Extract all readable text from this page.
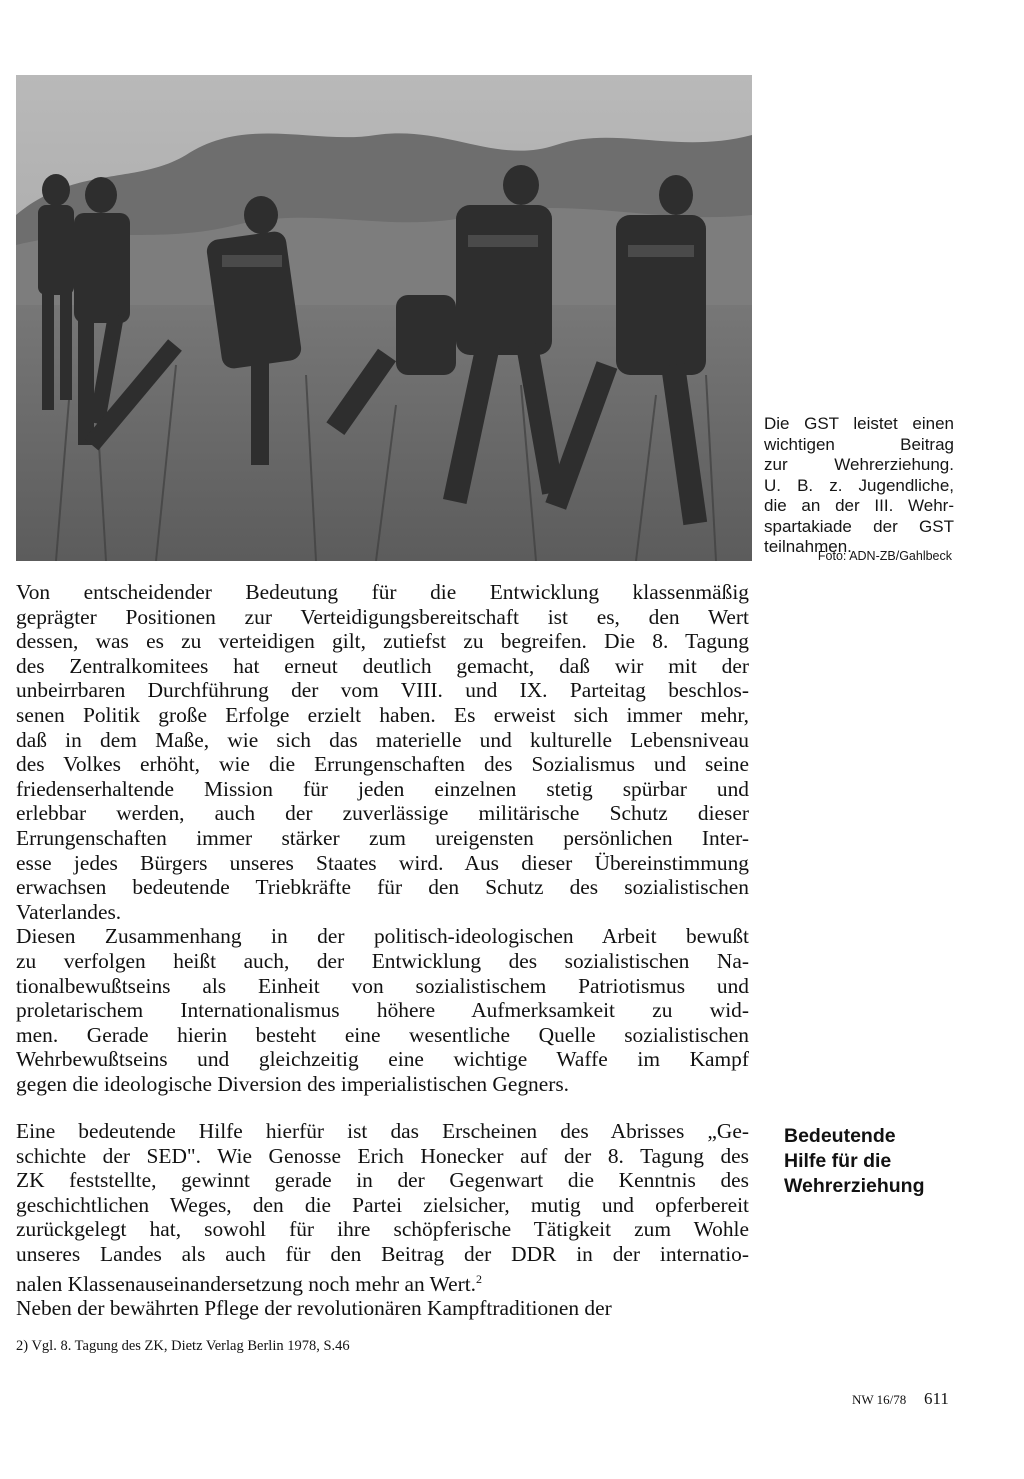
Die GST leistet einen
wichtigen Beitrag
zur Wehrerziehung.
U. B. z. Jugendliche,
die an der III. Wehr-
spartakiade der GST
teilnahmen.
Foto: ADN-ZB/Gahlbeck
Von entscheidender Bedeutung für die Entwicklung klassenmäßig
geprägter Positionen zur Verteidigungsbereitschaft ist es, den Wert
dessen, was es zu verteidigen gilt, zutiefst zu begreifen. Die 8. Tagung
des Zentralkomitees hat erneut deutlich gemacht, daß wir mit der
unbeirrbaren Durchführung der vom VIII. und IX. Parteitag beschlos-
senen Politik große Erfolge erzielt haben. Es erweist sich immer mehr,
daß in dem Maße, wie sich das materielle und kulturelle Lebensniveau
des Volkes erhöht, wie die Errungenschaften des Sozialismus und seine
friedenserhaltende Mission für jeden einzelnen stetig spürbar und
erlebbar werden, auch der zuverlässige militärische Schutz dieser
Errungenschaften immer stärker zum ureigensten persönlichen Inter-
esse jedes Bürgers unseres Staates wird. Aus dieser Übereinstimmung
erwachsen bedeutende Triebkräfte für den Schutz des sozialistischen
Vaterlandes.
Diesen Zusammenhang in der politisch-ideologischen Arbeit bewußt
zu verfolgen heißt auch, der Entwicklung des sozialistischen Na-
tionalbewußtseins als Einheit von sozialistischem Patriotismus und
proletarischem Internationalismus höhere Aufmerksamkeit zu wid-
men. Gerade hierin besteht eine wesentliche Quelle sozialistischen
Wehrbewußtseins und gleichzeitig eine wichtige Waffe im Kampf
gegen die ideologische Diversion des imperialistischen Gegners.
Eine bedeutende Hilfe hierfür ist das Erscheinen des Abrisses „Ge-
schichte der SED". Wie Genosse Erich Honecker auf der 8. Tagung des
ZK feststellte, gewinnt gerade in der Gegenwart die Kenntnis des
geschichtlichen Weges, den die Partei zielsicher, mutig und opferbereit
zurückgelegt hat, sowohl für ihre schöpferische Tätigkeit zum Wohle
unseres Landes als auch für den Beitrag der DDR in der internatio-
nalen Klassenauseinandersetzung noch mehr an Wert.$^2$
Neben der bewährten Pflege der revolutionären Kampftraditionen der
Bedeutende
Hilfe für die
Wehrerziehung
2) Vgl. 8. Tagung des ZK, Dietz Verlag Berlin 1978, S.46
NW 16/78 611
